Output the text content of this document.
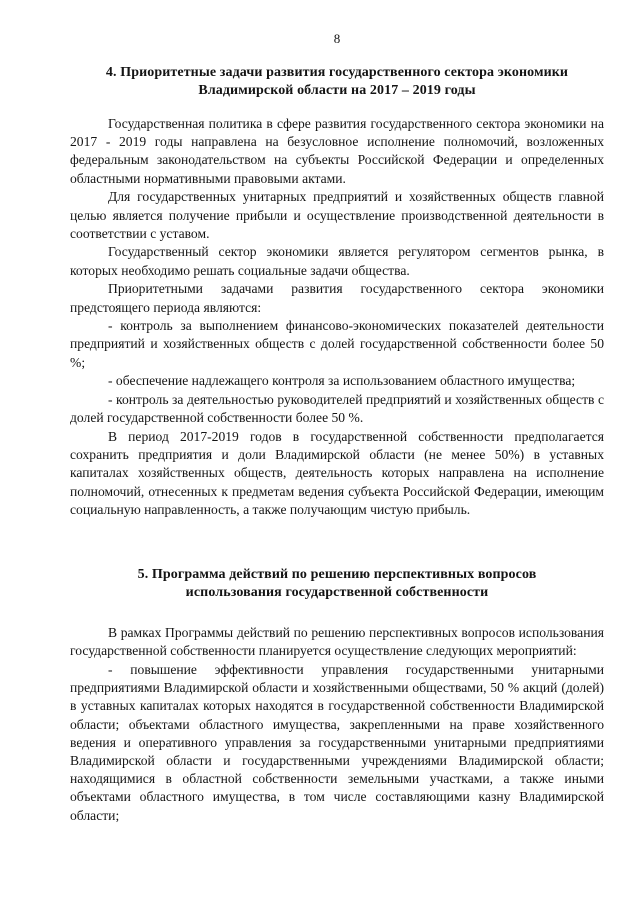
8
4. Приоритетные задачи развития государственного сектора экономики
Владимирской области на 2017 – 2019 годы

Государственная политика в сфере развития государственного сектора экономики на 2017 - 2019 годы направлена на безусловное исполнение полномочий, возложенных федеральным законодательством на субъекты Российской Федерации и определенных областными нормативными правовыми актами.

Для государственных унитарных предприятий и хозяйственных обществ главной целью является получение прибыли и осуществление производственной деятельности в соответствии с уставом.

Государственный сектор экономики является регулятором сегментов рынка, в которых необходимо решать социальные задачи общества.

Приоритетными задачами развития государственного сектора экономики предстоящего периода являются:

- контроль за выполнением финансово-экономических показателей деятельности предприятий и хозяйственных обществ с долей государственной собственности более 50 %;

- обеспечение надлежащего контроля за использованием областного имущества;

- контроль за деятельностью руководителей предприятий и хозяйственных обществ с долей государственной собственности более 50 %.

В период 2017-2019 годов в государственной собственности предполагается сохранить предприятия и доли Владимирской области (не менее 50%) в уставных капиталах хозяйственных обществ, деятельность которых направлена на исполнение полномочий, отнесенных к предметам ведения субъекта Российской Федерации, имеющим социальную направленность, а также получающим чистую прибыль.

5. Программа действий по решению перспективных вопросов
использования государственной собственности

В рамках Программы действий по решению перспективных вопросов использования государственной собственности планируется осуществление следующих мероприятий:

- повышение эффективности управления государственными унитарными предприятиями Владимирской области и хозяйственными обществами, 50 % акций (долей) в уставных капиталах которых находятся в государственной собственности Владимирской области; объектами областного имущества, закрепленными на праве хозяйственного ведения и оперативного управления за государственными унитарными предприятиями Владимирской области и государственными учреждениями Владимирской области; находящимися в областной собственности земельными участками, а также иными объектами областного имущества, в том числе составляющими казну Владимирской области;
